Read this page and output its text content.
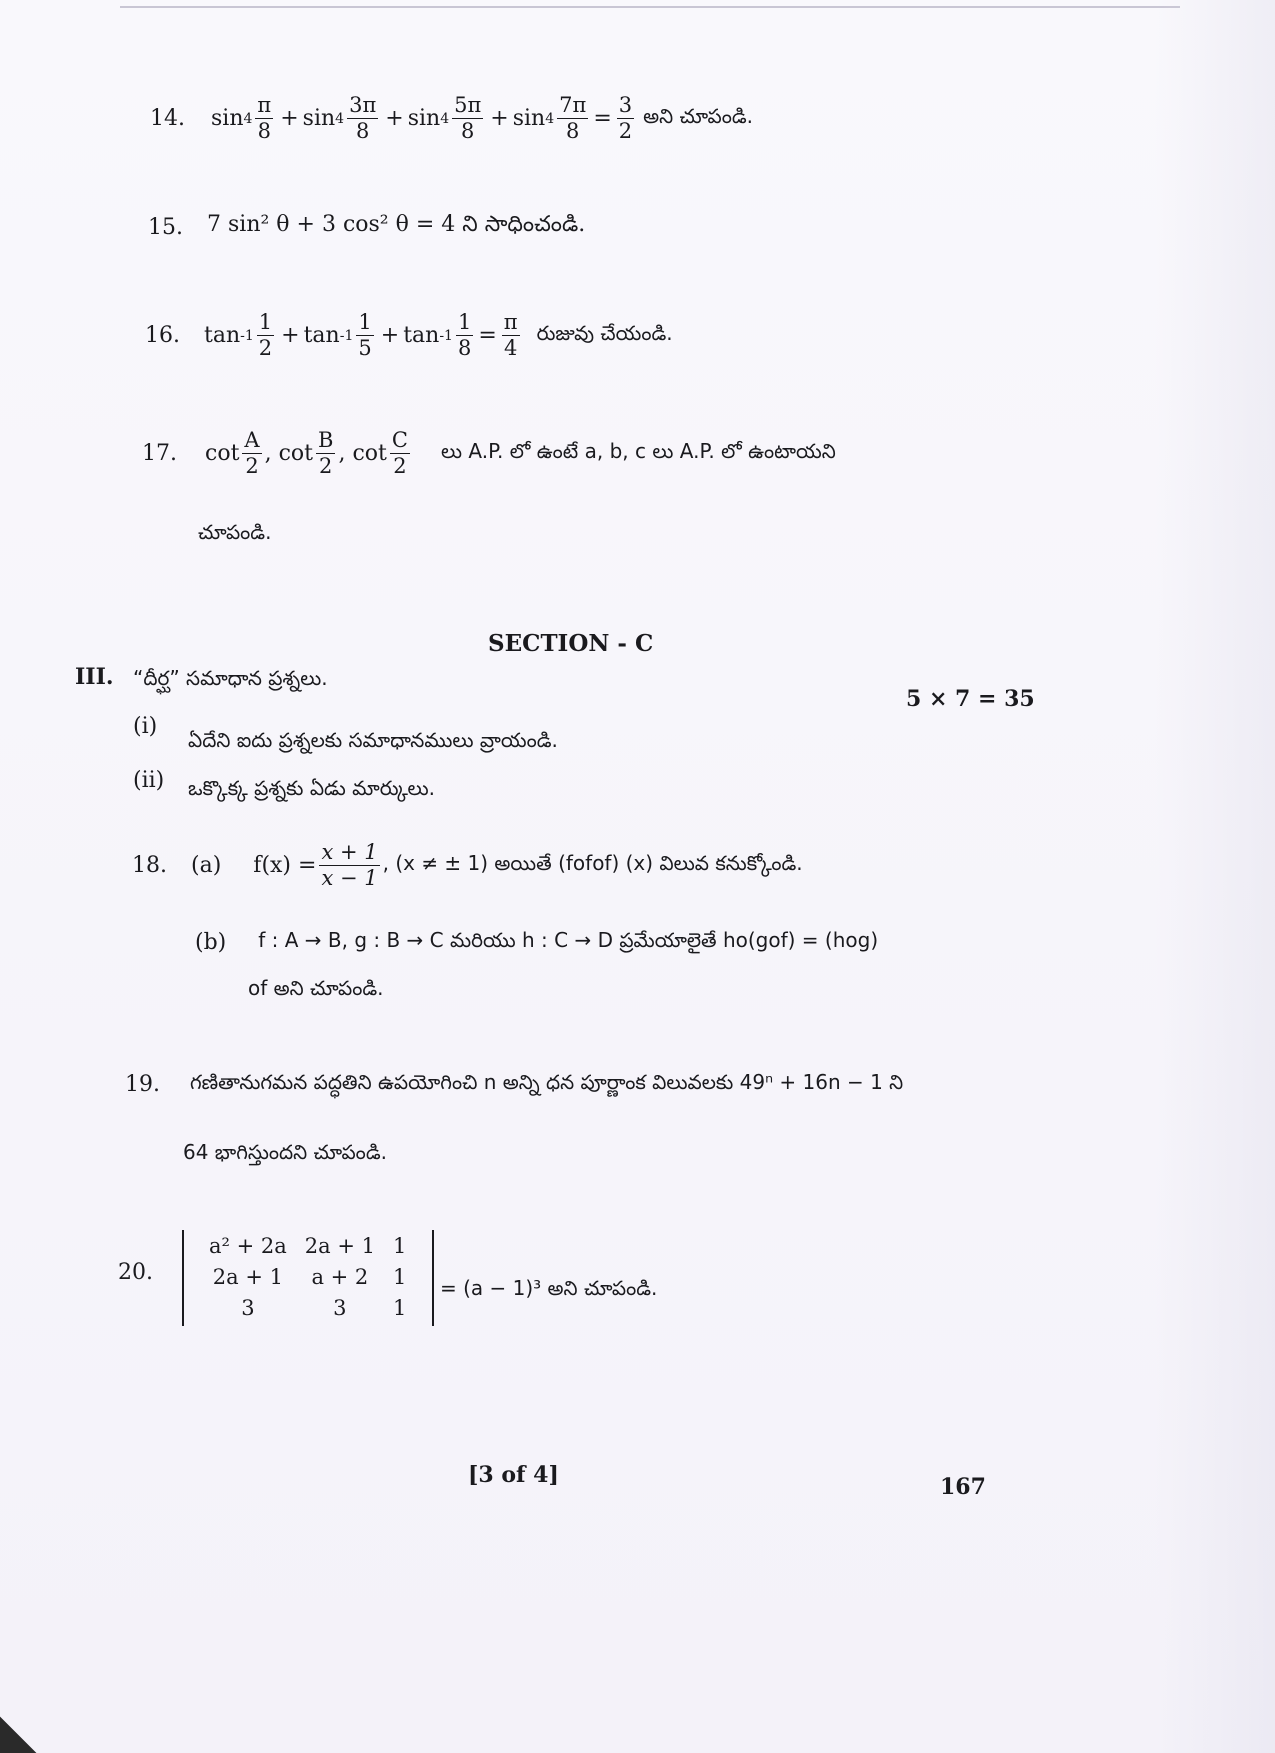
14. $\sin 4 \frac{\pi}{8} + \sin 4 \frac{3\pi}{8} + \sin 4 \frac{5\pi}{8} + \sin 4 \frac{7\pi}{8} = \frac{3}{2}$ అని చూపండి.
15. 7 sin² θ + 3 cos² θ = 4 ని సాధించండి.
16. $\tan -1 \frac{1}{2} + \tan -1 \frac{1}{5} + \tan -1 \frac{1}{8} = \frac{\pi}{4}$ రుజువు చేయండి.
17. $\cot \frac{A}{2}$ , $\cot \frac{B}{2}$ , $\cot \frac{C}{2}$ లు A.P. లో ఉంటే a, b, c లు A.P. లో ఉంటాయని
చూపండి.
SECTION - C
III. “దీర్ఘ” సమాధాన ప్రశ్నలు.
5 × 7 = 35
(i)
ఏదేని ఐదు ప్రశ్నలకు సమాధానములు వ్రాయండి.
(ii) ఒక్కొక్క ప్రశ్నకు ఏడు మార్కులు.
18. (a) $f(x) = \frac{x + 1}{x - 1}$ , (x ≠ ± 1) అయితే (fofof) (x) విలువ కనుక్కోండి.
(b) f : A → B, g : B → C మరియు h : C → D ప్రమేయాలైతే ho(gof) = (hog)
of అని చూపండి.
19. గణితానుగమన పద్ధతిని ఉపయోగించి n అన్ని ధన పూర్ణాంక విలువలకు 49ⁿ + 16n − 1 ని
64 భాగిస్తుందని చూపండి.
20.
a² + 2a	2a + 1	1
2a + 1	a + 2	1
3	3	1
= (a − 1)³ అని చూపండి.
[3 of 4]	167
